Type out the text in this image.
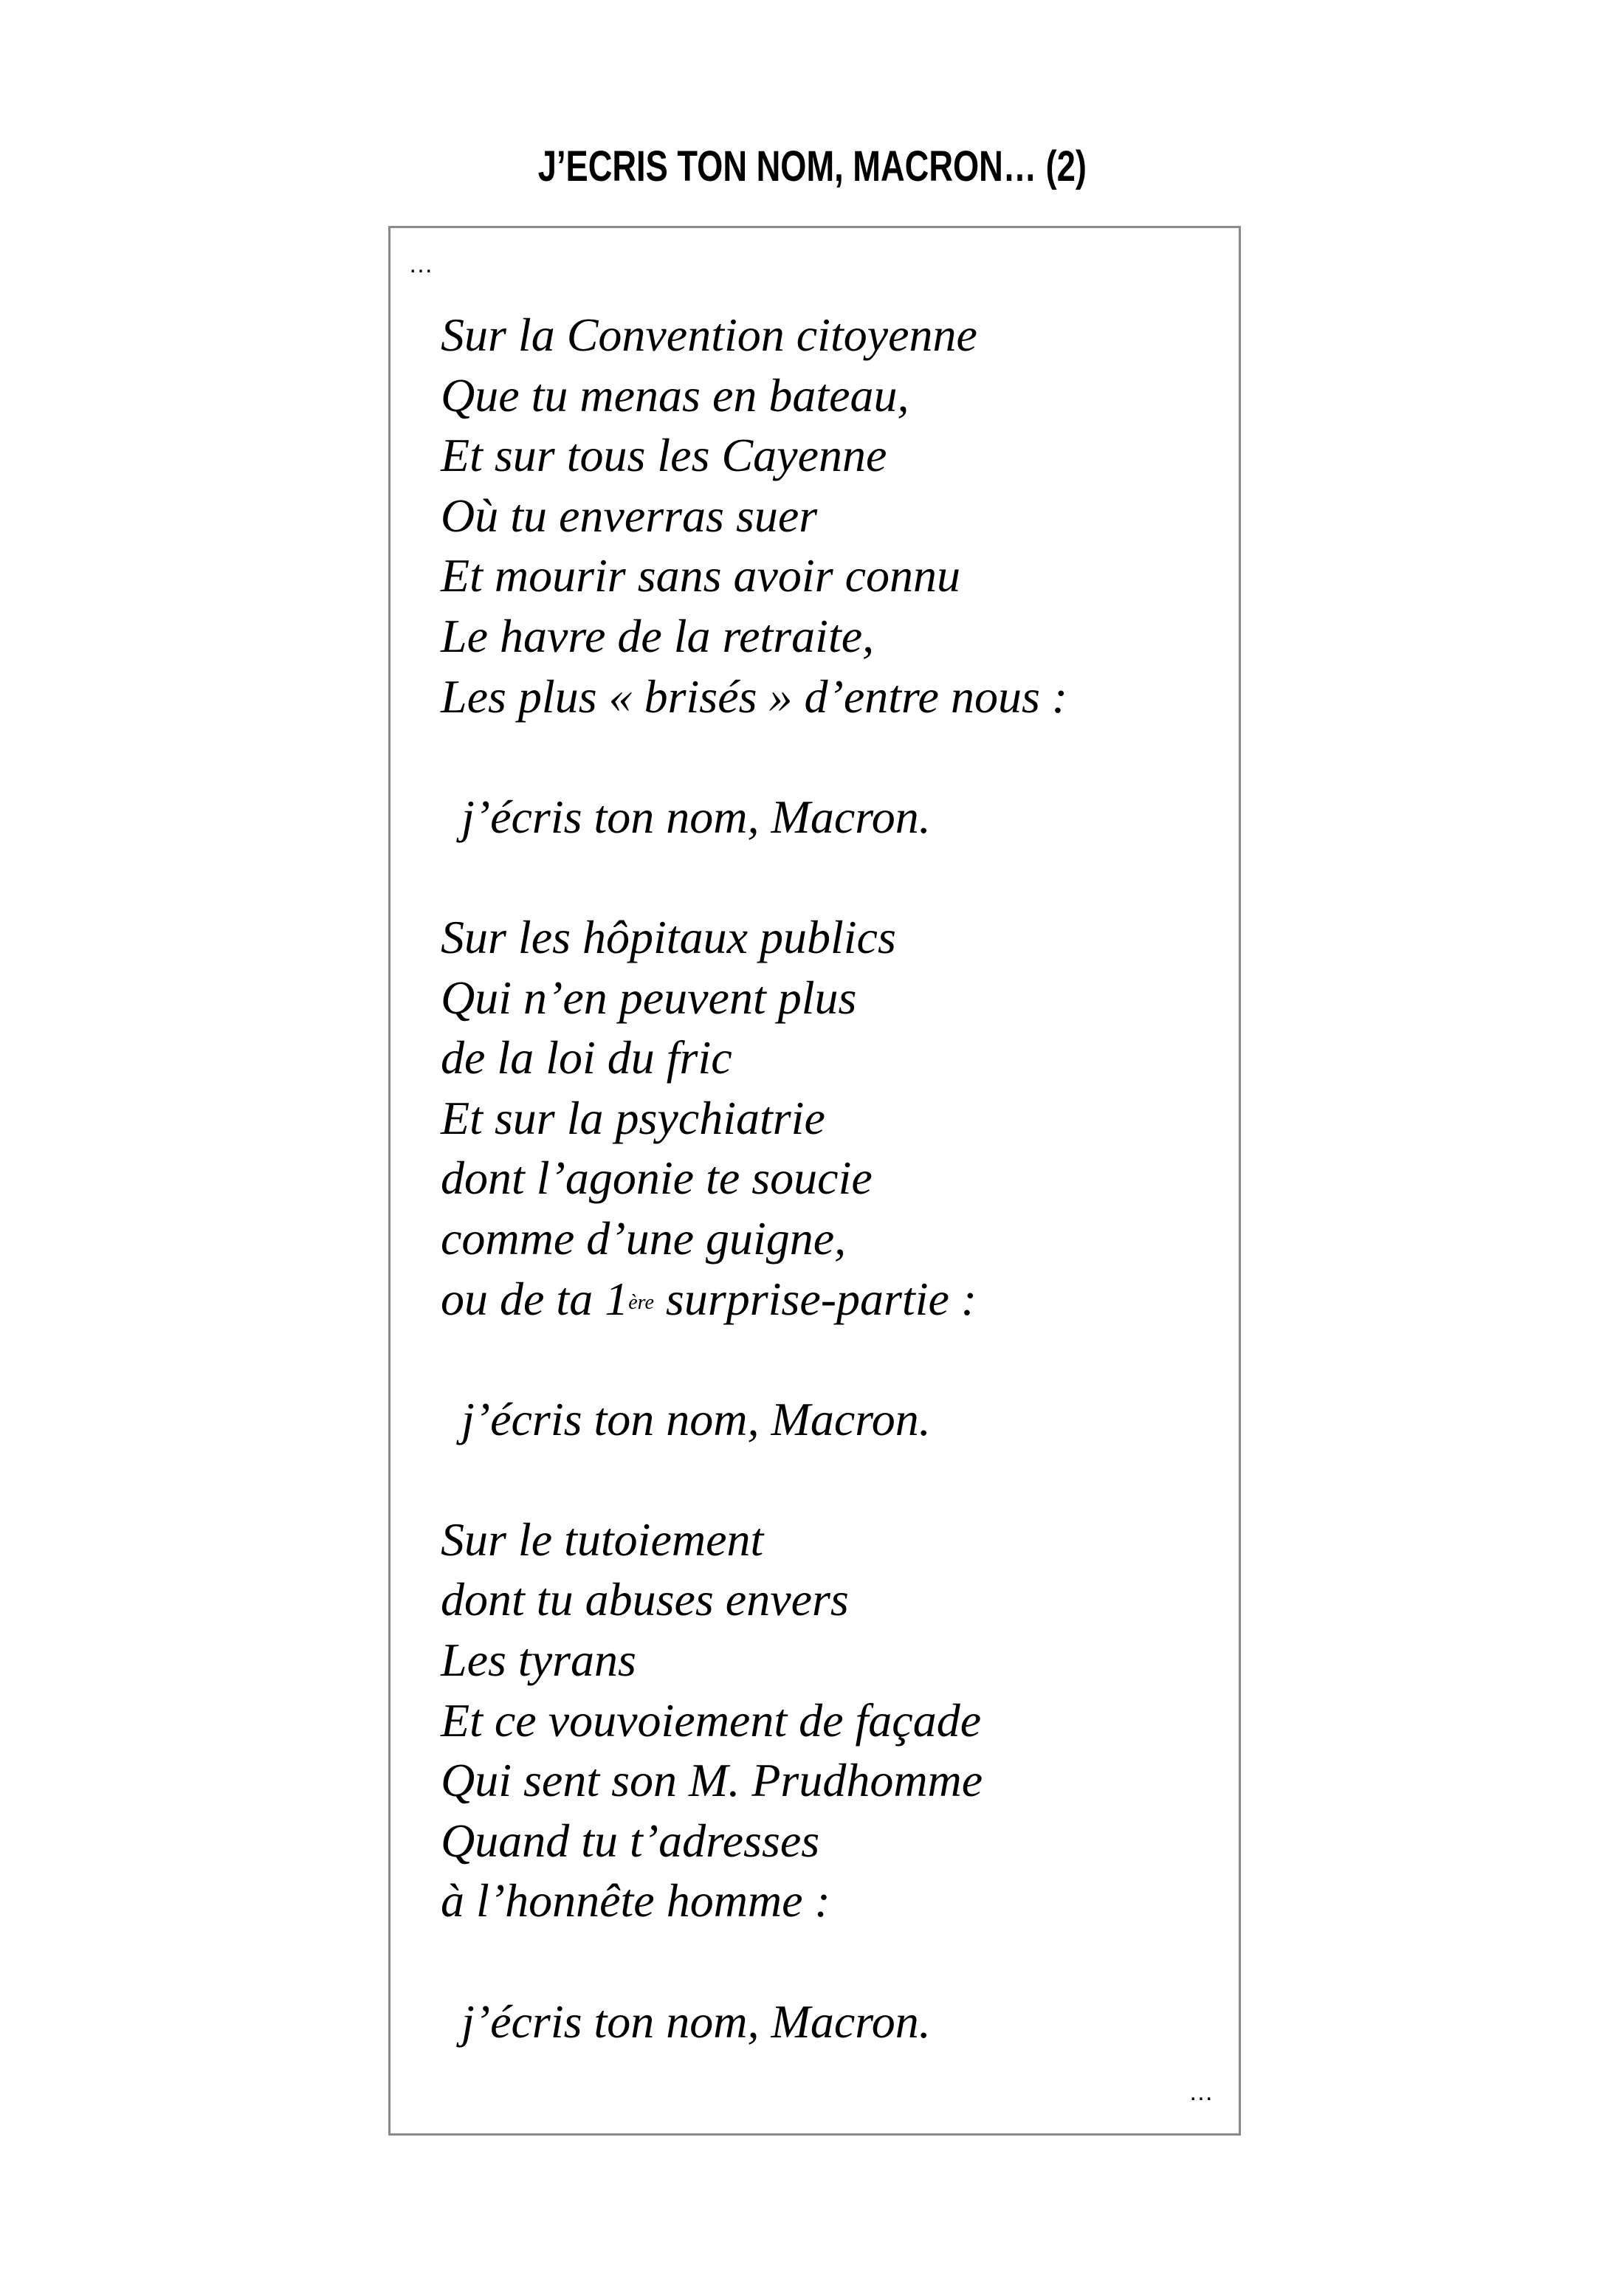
J’ECRIS TON NOM, MACRON… (2)
…
Sur la Convention citoyenne
Que tu menas en bateau,
Et sur tous les Cayenne
Où tu enverras suer
Et mourir sans avoir connu
Le havre de la retraite,
Les plus « brisés » d’entre nous :
j’écris ton nom, Macron.
Sur les hôpitaux publics
Qui n’en peuvent plus
de la loi du fric
Et sur la psychiatrie
dont l’agonie te soucie
comme d’une guigne,
ou de ta 1ère surprise-partie :
j’écris ton nom, Macron.
Sur le tutoiement
dont tu abuses envers
Les tyrans
Et ce vouvoiement de façade
Qui sent son M. Prudhomme
Quand tu t’adresses
à l’honnête homme :
j’écris ton nom, Macron.
…
